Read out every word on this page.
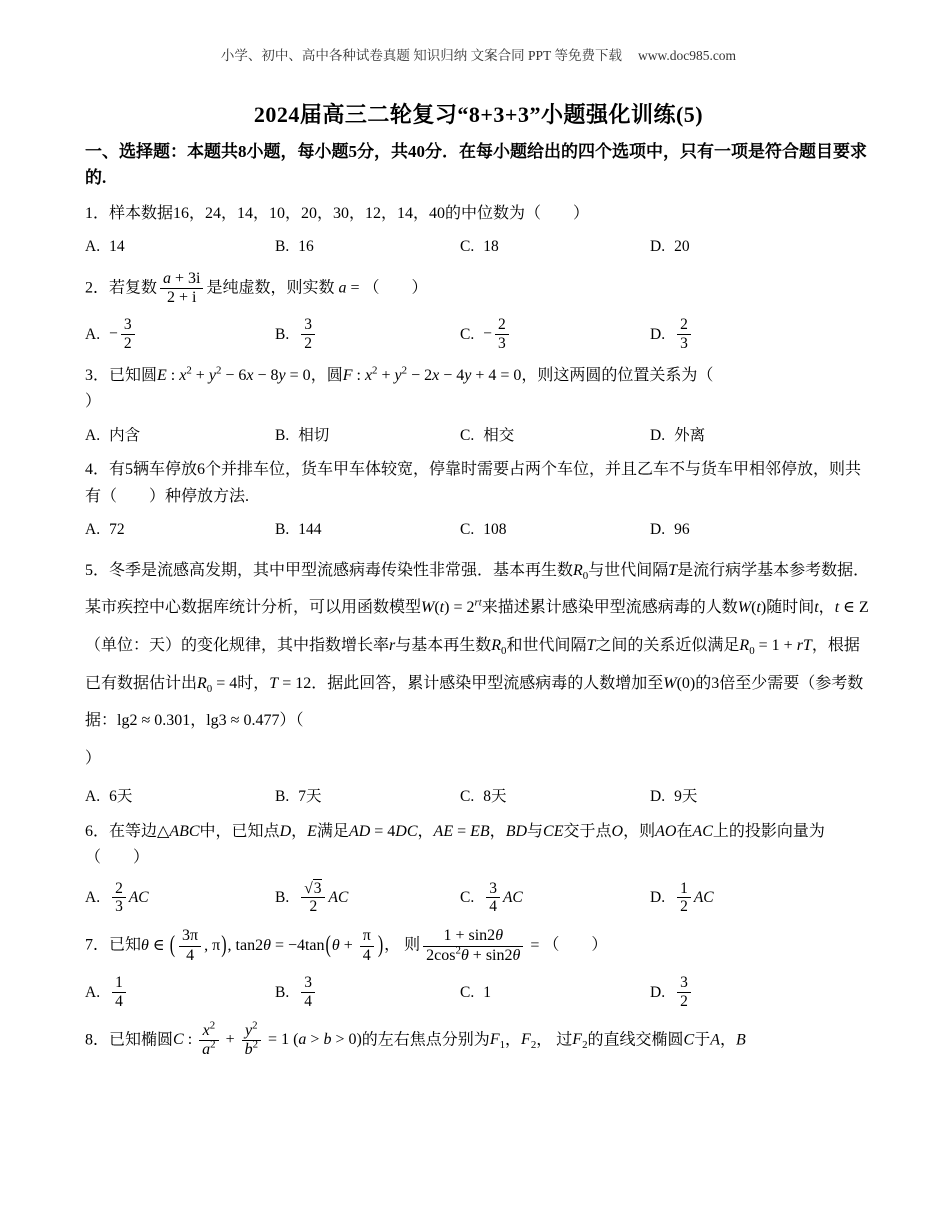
小学、初中、高中各种试卷真题 知识归纳 文案合同 PPT 等免费下载 www.doc985.com
2024届高三二轮复习“8+3+3”小题强化训练(5)

一、选择题：本题共8小题，每小题5分，共40分．在每小题给出的四个选项中，只有一项是符合题目要求的.

1．样本数据16，24，14，10，20，30，12，14，40的中位数为（　　）
A. 14	B. 16	C. 18	D. 20
2．若复数 $\frac{a + 3i}{2 + i}$ 是纯虚数，则实数 a = （　　）
A. − $\frac{3}{2}$	B. $\frac{3}{2}$	C. − $\frac{2}{3}$	D. $\frac{2}{3}$
3．已知圆E : $x^2 + y^2 - 6x - 8y = 0$，圆F : $x^2 + y^2 - 2x - 4y + 4 = 0$，则这两圆的位置关系为（
）
A. 内含	B. 相切	C. 相交	D. 外离
4．有5辆车停放6个并排车位，货车甲车体较宽，停靠时需要占两个车位，并且乙车不与货车甲相邻停放，则共有（　　）种停放方法.
A. 72	B. 144	C. 108	D. 96
5．冬季是流感高发期，其中甲型流感病毒传染性非常强．基本再生数$R_0$与世代间隔T是流行病学基本参考数据．某市疾控中心数据库统计分析，可以用函数模型$W(t) = 2^{rt}$来描述累计感染甲型流感病毒的人数W(t)随时间t，t ∈ Z（单位：天）的变化规律，其中指数增长率r与基本再生数$R_0$和世代间隔T之间的关系近似满足$R_0 = 1$ + rT，根据已有数据估计出$R_0 = 4$时，T = 12．据此回答，累计感染甲型流感病毒的人数增加至W(0)的3倍至少需要（参考数据：lg2 ≈ 0.301，lg3 ≈ 0.477）（
）
A. 6天	B. 7天	C. 8天	D. 9天
6．在等边△ABC中，已知点D，E满足AD = 4DC，AE = EB，BD与CE交于点O，则AO在AC上的投影向量为（　　）
A. $\frac{2}{3}$ AC	B. $\frac{√3}{2}$ AC	C. $\frac{3}{4}$ AC	D. $\frac{1}{2}$ AC
7．已知θ ∈ ( $\frac{3\pi}{4}$ , π), $\tan 2\theta = -4\tan(\theta + \frac{\pi}{4}$ )， 则 $\frac{1 + \sin 2\theta}{2\cos^2\theta + \sin 2\theta}$ = （　　）
A. $\frac{1}{4}$	B. $\frac{3}{4}$	C. 1	D. $\frac{3}{2}$
8．已知椭圆C : $\frac{x^2}{a^2} + \frac{y^2}{b^2} = 1$ (a > b > 0)的左右焦点分别为$F_1$，$F_2$， 过$F_2$的直线交椭圆C于A，B
